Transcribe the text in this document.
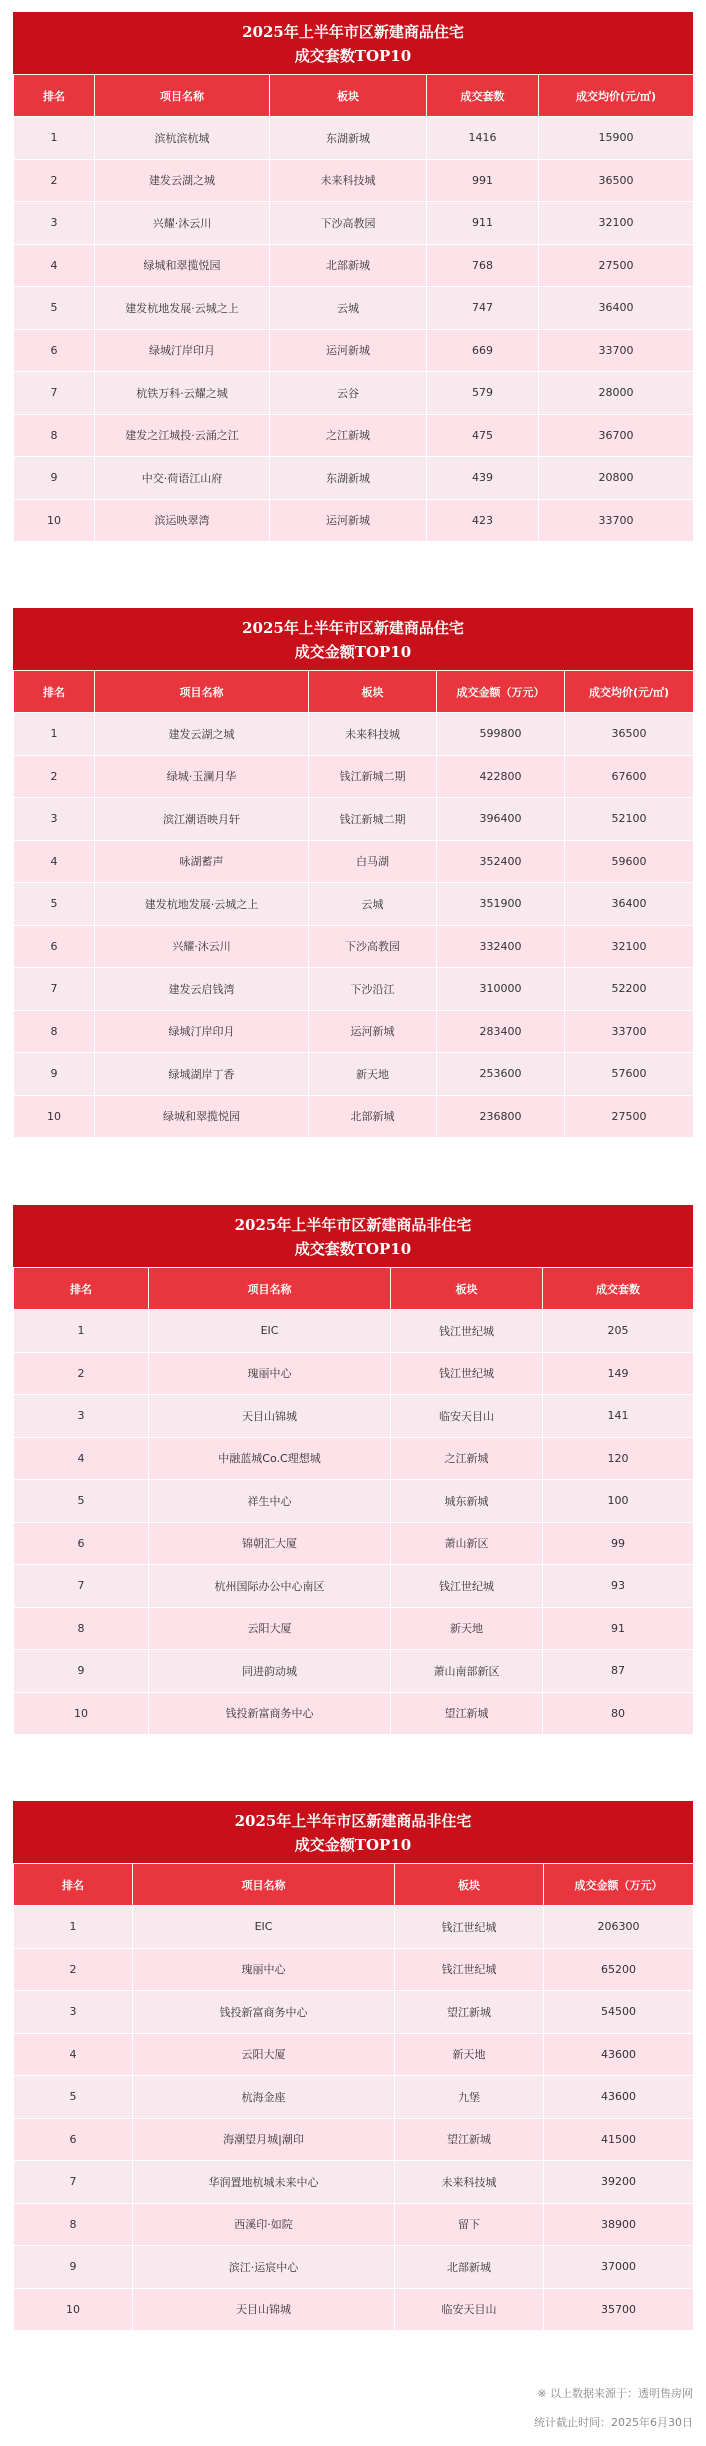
2025年上半年市区新建商品住宅
成交套数TOP10
排名	项目名称	板块	成交套数	成交均价(元/㎡)
1	滨杭滨杭城	东湖新城	1416	15900
2	建发云湖之城	未来科技城	991	36500
3	兴耀·沐云川	下沙高教园	911	32100
4	绿城和翠揽悦园	北部新城	768	27500
5	建发杭地发展·云城之上	云城	747	36400
6	绿城汀岸印月	运河新城	669	33700
7	杭铁万科·云耀之城	云谷	579	28000
8	建发之江城投·云涌之江	之江新城	475	36700
9	中交·荷语江山府	东湖新城	439	20800
10	滨运映翠湾	运河新城	423	33700
2025年上半年市区新建商品住宅
成交金额TOP10
排名	项目名称	板块	成交金额（万元）	成交均价(元/㎡)
1	建发云湖之城	未来科技城	599800	36500
2	绿城·玉澜月华	钱江新城二期	422800	67600
3	滨江潮语映月轩	钱江新城二期	396400	52100
4	咏湖蓄声	白马湖	352400	59600
5	建发杭地发展·云城之上	云城	351900	36400
6	兴耀·沐云川	下沙高教园	332400	32100
7	建发云启钱湾	下沙沿江	310000	52200
8	绿城汀岸印月	运河新城	283400	33700
9	绿城湖岸丁香	新天地	253600	57600
10	绿城和翠揽悦园	北部新城	236800	27500
2025年上半年市区新建商品非住宅
成交套数TOP10
排名	项目名称	板块	成交套数
1	EIC	钱江世纪城	205
2	瑰丽中心	钱江世纪城	149
3	天目山锦城	临安天目山	141
4	中融蓝城Co.C理想城	之江新城	120
5	祥生中心	城东新城	100
6	锦朝汇大厦	萧山新区	99
7	杭州国际办公中心南区	钱江世纪城	93
8	云阳大厦	新天地	91
9	同进韵动城	萧山南部新区	87
10	钱投新富商务中心	望江新城	80
2025年上半年市区新建商品非住宅
成交金额TOP10
排名	项目名称	板块	成交金额（万元）
1	EIC	钱江世纪城	206300
2	瑰丽中心	钱江世纪城	65200
3	钱投新富商务中心	望江新城	54500
4	云阳大厦	新天地	43600
5	杭海金座	九堡	43600
6	海潮望月城|潮印	望江新城	41500
7	华润置地杭城未来中心	未来科技城	39200
8	西溪印·如院	留下	38900
9	滨江·运宸中心	北部新城	37000
10	天目山锦城	临安天目山	35700
※ 以上数据来源于：透明售房网
统计截止时间：2025年6月30日
